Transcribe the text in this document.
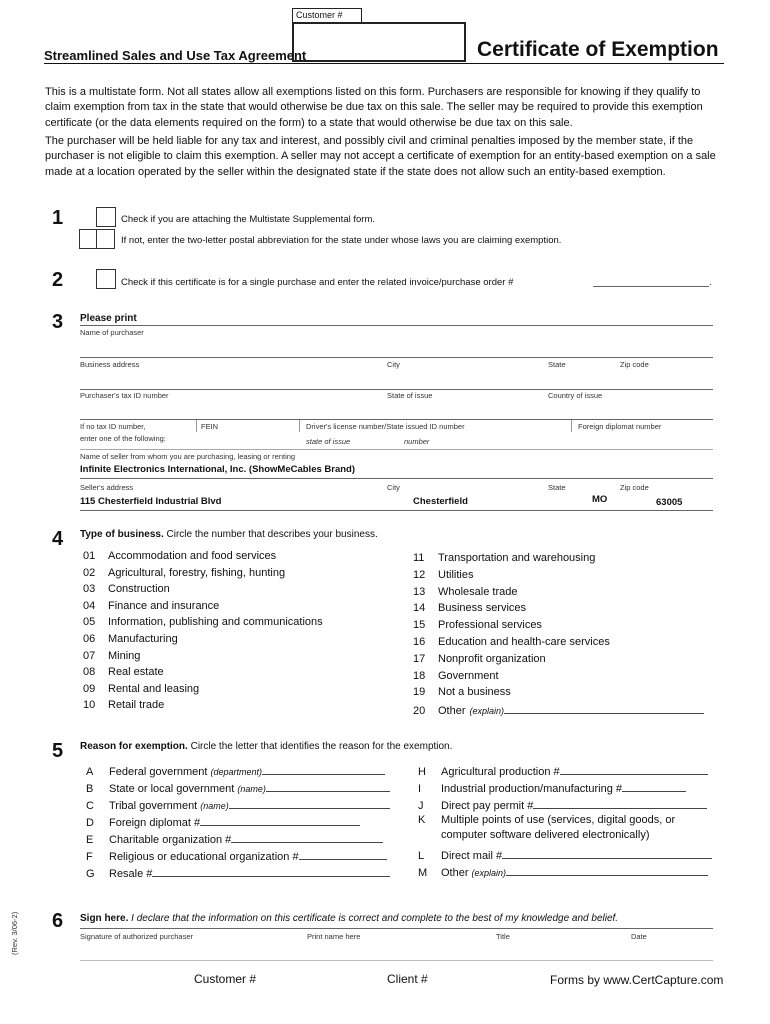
Customer #
Streamlined Sales and Use Tax Agreement	Certificate of Exemption
This is a multistate form. Not all states allow all exemptions listed on this form. Purchasers are responsible for knowing if they qualify to claim exemption from tax in the state that would otherwise be due tax on this sale. The seller may be required to provide this exemption certificate (or the data elements required on the form) to a state that would otherwise be due tax on this sale.
The purchaser will be held liable for any tax and interest, and possibly civil and criminal penalties imposed by the member state, if the purchaser is not eligible to claim this exemption. A seller may not accept a certificate of exemption for an entity-based exemption on a sale made at a location operated by the seller within the designated state if the state does not allow such an entity-based exemption.
1	Check if you are attaching the Multistate Supplemental form.
If not, enter the two-letter postal abbreviation for the state under whose laws you are claiming exemption.
2	Check if this certificate is for a single purchase and enter the related invoice/purchase order #	.
3 Please print
Name of purchaser
Business address	City	State	Zip code
Purchaser's tax ID number	State of issue	Country of issue
If no tax ID number,
enter one of the following:
FEIN	Driver's license number/State issued ID number
state of issue	number
Foreign diplomat number
Name of seller from whom you are purchasing, leasing or renting
Infinite Electronics International, Inc. (ShowMeCables Brand)
Seller's address	City	State	Zip code
115 Chesterfield Industrial Blvd	Chesterfield	MO	63005
4 Type of business. Circle the number that describes your business.
01 Accommodation and food services
02 Agricultural, forestry, fishing, hunting
03 Construction
04 Finance and insurance
05 Information, publishing and communications
06 Manufacturing
07 Mining
08 Real estate
09 Rental and leasing
10 Retail trade
11 Transportation and warehousing
12 Utilities
13 Wholesale trade
14 Business services
15 Professional services
16 Education and health-care services
17 Nonprofit organization
18 Government
19 Not a business
20 Other (explain)
5 Reason for exemption. Circle the letter that identifies the reason for the exemption.
A Federal government (department)
B State or local government (name)
C Tribal government (name)
D Foreign diplomat #
E Charitable organization #
F Religious or educational organization #
G Resale #
H Agricultural production #
I Industrial production/manufacturing #
J Direct pay permit #
K Multiple points of use (services, digital goods, or
computer software delivered electronically)
L Direct mail #
M Other (explain)
6 Sign here. I declare that the information on this certificate is correct and complete to the best of my knowledge and belief.
Signature of authorized purchaser	Print name here	Title	Date
(Rev. 3/06-2)
Customer #	Client #	Forms by www.CertCapture.com
